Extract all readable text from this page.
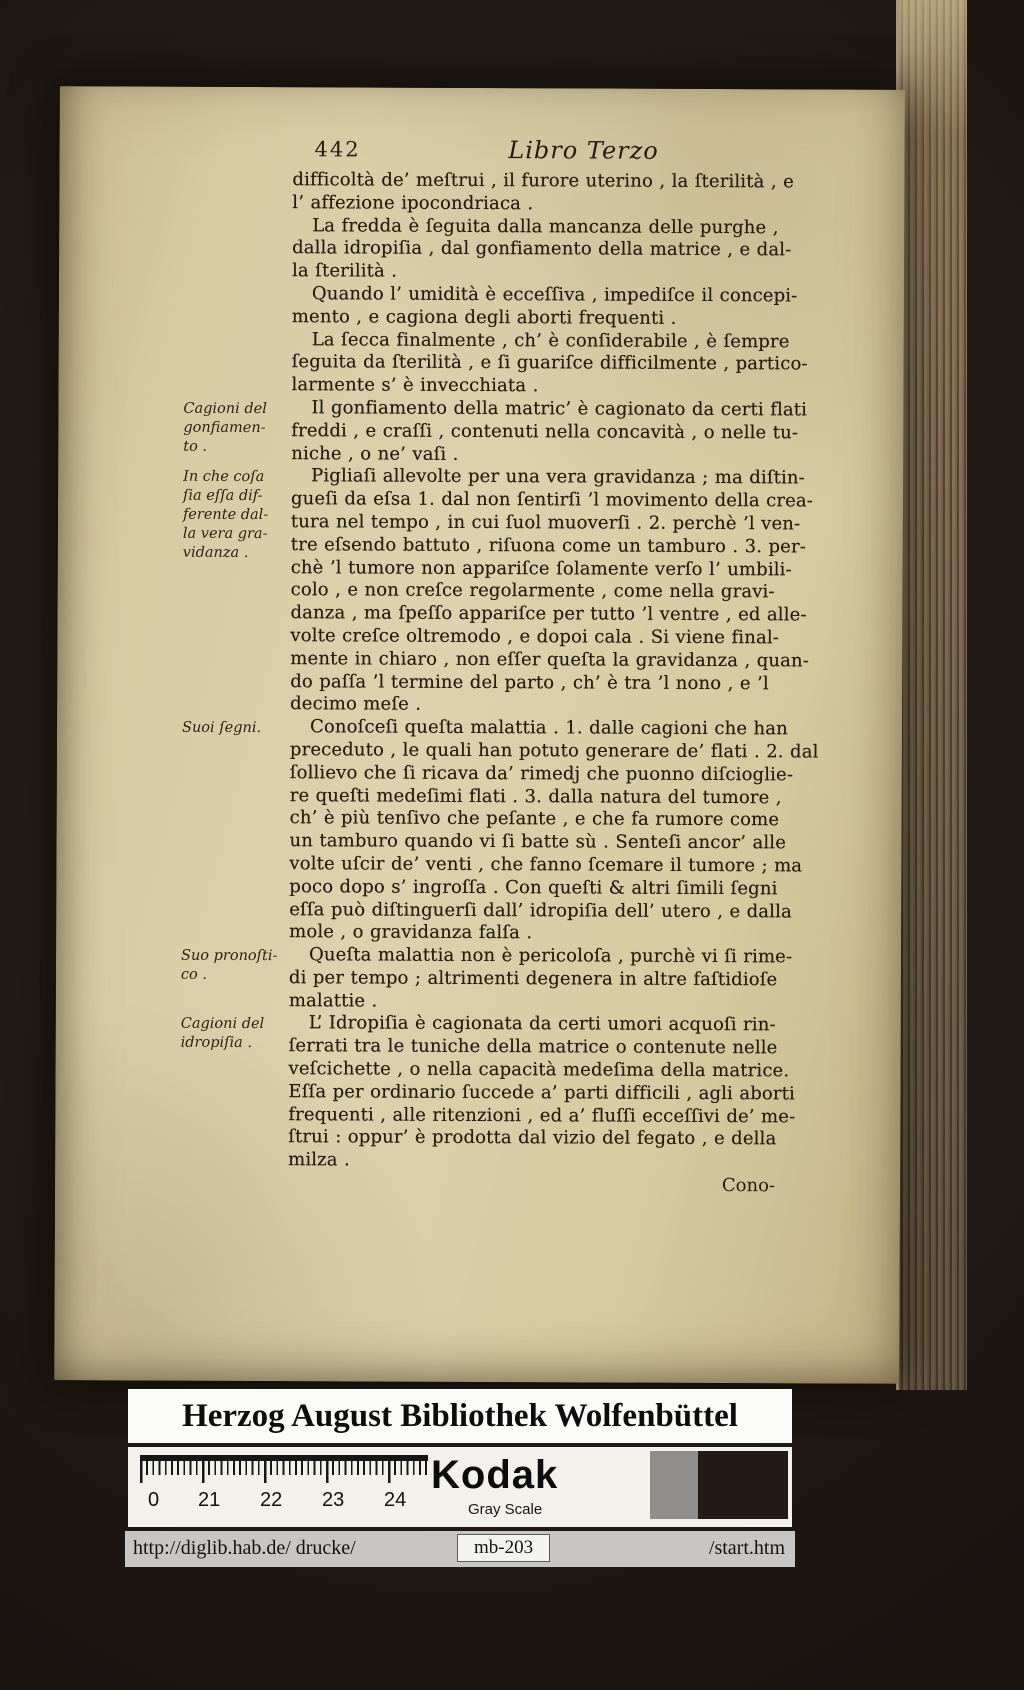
442	Libro Terzo
difficoltà de’ meſtrui , il furore uterino , la ſterilità , e
l’ affezione ipocondriaca .
La fredda è ſeguita dalla mancanza delle purghe ,
dalla idropiſia , dal gonfiamento della matrice , e dal-
la ſterilità .
Quando l’ umidità è ecceſſiva , impediſce il concepi-
mento , e cagiona degli aborti frequenti .
La ſecca finalmente , ch’ è conſiderabile , è ſempre
ſeguita da ſterilità , e ſi guariſce difficilmente , partico-
larmente s’ è invecchiata .
Cagioni del
gonfiamen-
to .
Il gonfiamento della matric’ è cagionato da certi flati
freddi , e craſſi , contenuti nella concavità , o nelle tu-
niche , o ne’ vaſi .
In che coſa
ſia eſſa dif-
ferente dal-
la vera gra-
vidanza .
Pigliaſi allevolte per una vera gravidanza ; ma diſtin-
gueſi da eſsa 1. dal non ſentirſi ’l movimento della crea-
tura nel tempo , in cui ſuol muoverſi . 2. perchè ’l ven-
tre eſsendo battuto , riſuona come un tamburo . 3. per-
chè ’l tumore non appariſce ſolamente verſo l’ umbili-
colo , e non creſce regolarmente , come nella gravi-
danza , ma ſpeſſo appariſce per tutto ’l ventre , ed alle-
volte creſce oltremodo , e dopoi cala . Si viene final-
mente in chiaro , non eſſer queſta la gravidanza , quan-
do paſſa ’l termine del parto , ch’ è tra ’l nono , e ’l
decimo meſe .
Suoi ſegni.	Conoſceſi queſta malattia . 1. dalle cagioni che han
preceduto , le quali han potuto generare de’ flati . 2. dal
ſollievo che ſi ricava da’ rimedj che puonno diſcioglie-
re queſti medeſimi flati . 3. dalla natura del tumore ,
ch’ è più tenſivo che peſante , e che fa rumore come
un tamburo quando vi ſi batte sù . Senteſi ancor’ alle
volte uſcir de’ venti , che fanno ſcemare il tumore ; ma
poco dopo s’ ingroſſa . Con queſti & altri ſimili ſegni
eſſa può diſtinguerſi dall’ idropiſia dell’ utero , e dalla
mole , o gravidanza falſa .
Suo pronoſti-
co .
Queſta malattia non è pericoloſa , purchè vi ſi rime-
di per tempo ; altrimenti degenera in altre faſtidioſe
malattie .
Cagioni del
idropiſia .
L’ Idropiſia è cagionata da certi umori acquoſi rin-
ſerrati tra le tuniche della matrice o contenute nelle
veſcichette , o nella capacità medeſima della matrice.
Eſſa per ordinario ſuccede a’ parti difficili , agli aborti
frequenti , alle ritenzioni , ed a’ fluſſi ecceſſivi de’ me-
ſtrui : oppur’ è prodotta dal vizio del fegato , e della
milza .
Cono-
Herzog August Bibliothek Wolfenbüttel
0 21 22 23 24
Kodak
Gray Scale
http://diglib.hab.de/ drucke/	mb-203	/start.htm
